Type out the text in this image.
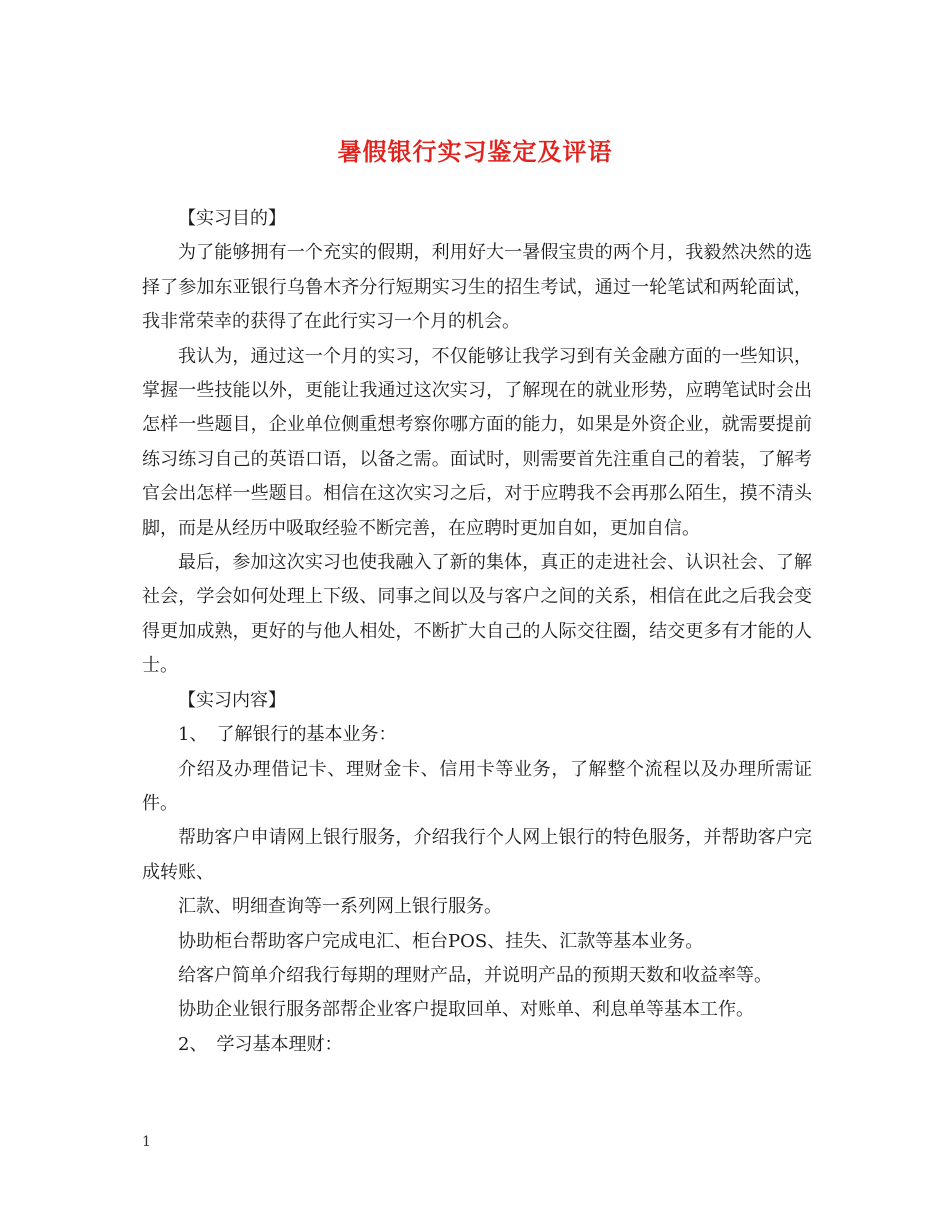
暑假银行实习鉴定及评语

【实习目的】

为了能够拥有一个充实的假期，利用好大一暑假宝贵的两个月，我毅然决然的选择了参加东亚银行乌鲁木齐分行短期实习生的招生考试，通过一轮笔试和两轮面试，我非常荣幸的获得了在此行实习一个月的机会。

我认为，通过这一个月的实习，不仅能够让我学习到有关金融方面的一些知识，掌握一些技能以外，更能让我通过这次实习，了解现在的就业形势，应聘笔试时会出怎样一些题目，企业单位侧重想考察你哪方面的能力，如果是外资企业，就需要提前练习练习自己的英语口语，以备之需。面试时，则需要首先注重自己的着装，了解考官会出怎样一些题目。相信在这次实习之后，对于应聘我不会再那么陌生，摸不清头脚，而是从经历中吸取经验不断完善，在应聘时更加自如，更加自信。

最后，参加这次实习也使我融入了新的集体，真正的走进社会、认识社会、了解社会，学会如何处理上下级、同事之间以及与客户之间的关系，相信在此之后我会变得更加成熟，更好的与他人相处，不断扩大自己的人际交往圈，结交更多有才能的人士。

【实习内容】

1、　了解银行的基本业务：

介绍及办理借记卡、理财金卡、信用卡等业务，了解整个流程以及办理所需证件。

帮助客户申请网上银行服务，介绍我行个人网上银行的特色服务，并帮助客户完成转账、

汇款、明细查询等一系列网上银行服务。

协助柜台帮助客户完成电汇、柜台POS、挂失、汇款等基本业务。

给客户简单介绍我行每期的理财产品，并说明产品的预期天数和收益率等。

协助企业银行服务部帮企业客户提取回单、对账单、利息单等基本工作。

2、　学习基本理财：

1
